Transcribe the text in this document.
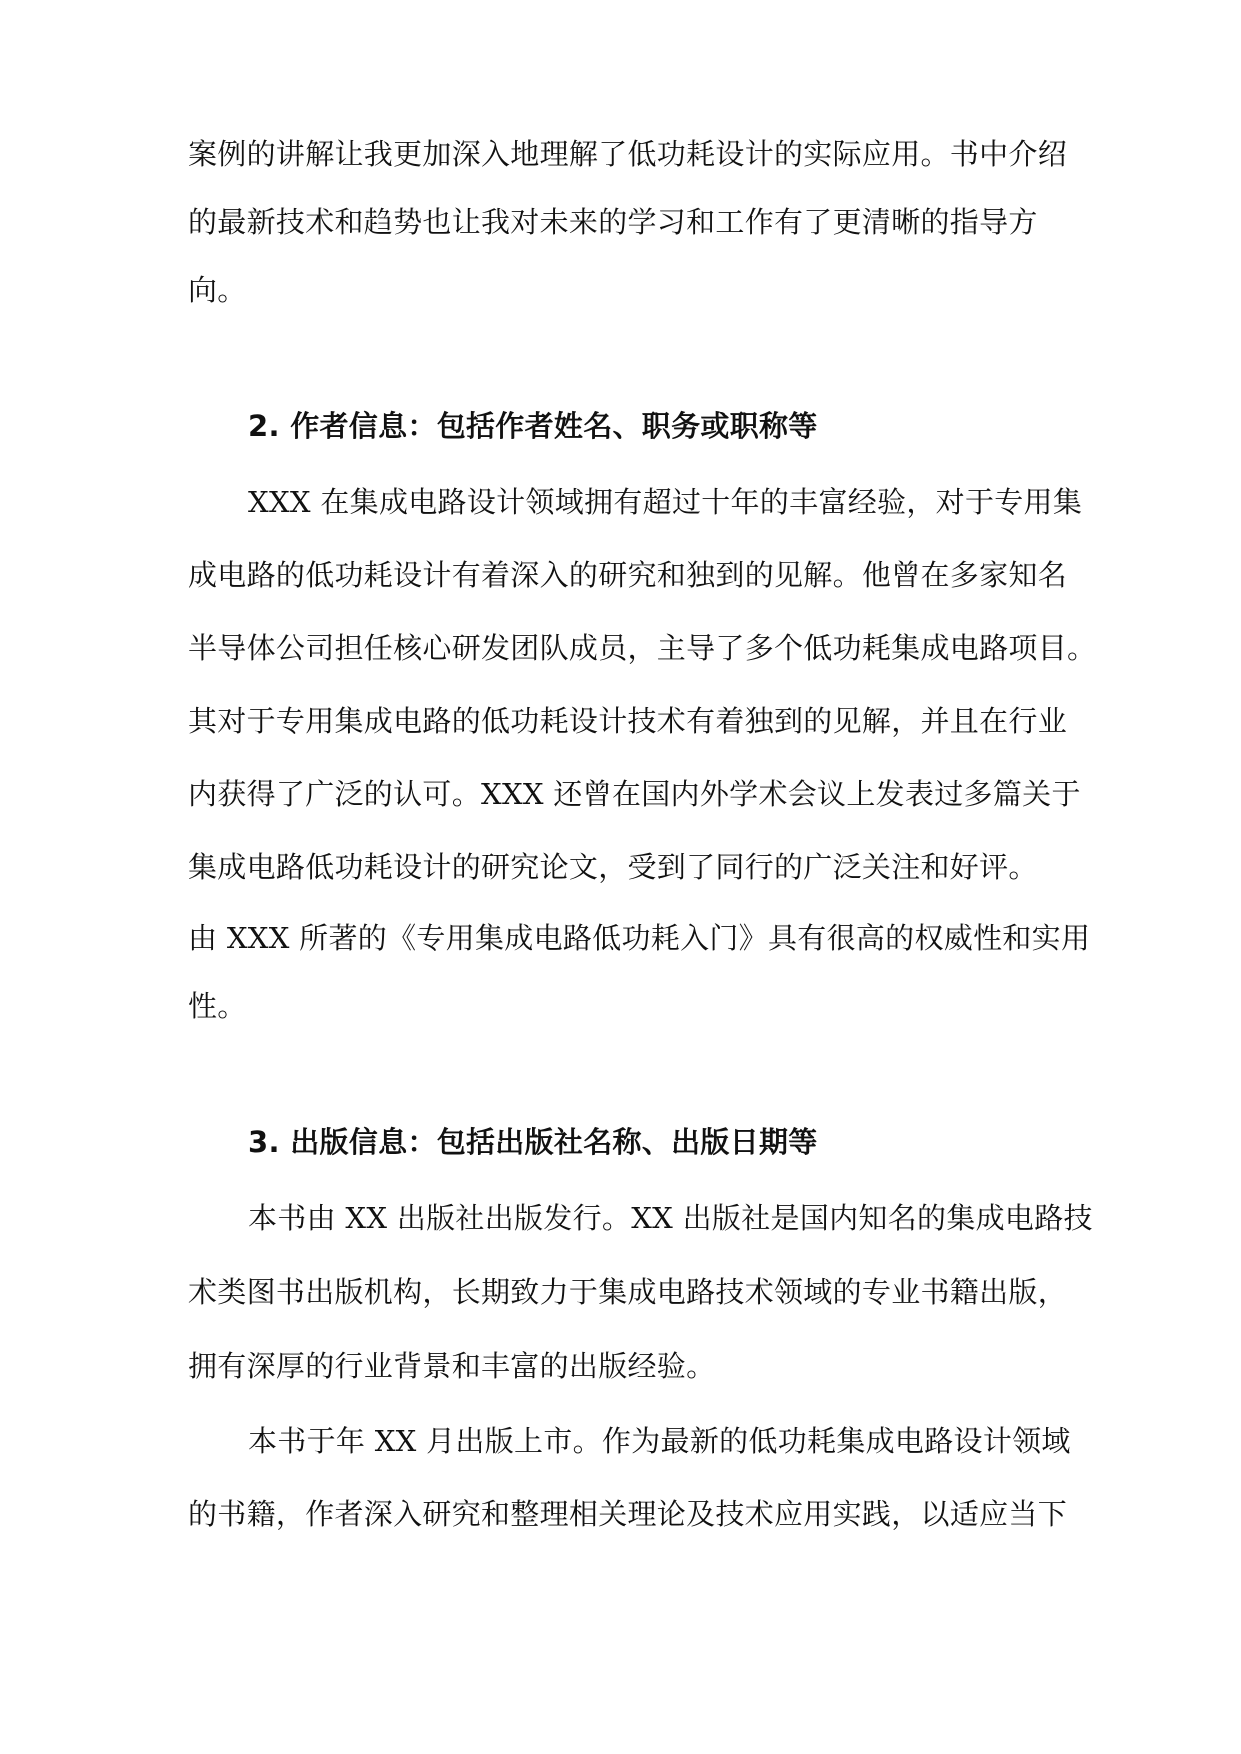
案例的讲解让我更加深入地理解了低功耗设计的实际应用。书中介绍
的最新技术和趋势也让我对未来的学习和工作有了更清晰的指导方
向。
2. 作者信息：包括作者姓名、职务或职称等
XXX 在集成电路设计领域拥有超过十年的丰富经验，对于专用集
成电路的低功耗设计有着深入的研究和独到的见解。他曾在多家知名
半导体公司担任核心研发团队成员，主导了多个低功耗集成电路项目。
其对于专用集成电路的低功耗设计技术有着独到的见解，并且在行业
内获得了广泛的认可。XXX 还曾在国内外学术会议上发表过多篇关于
集成电路低功耗设计的研究论文，受到了同行的广泛关注和好评。
由 XXX 所著的《专用集成电路低功耗入门》具有很高的权威性和实用
性。
3. 出版信息：包括出版社名称、出版日期等
本书由 XX 出版社出版发行。XX 出版社是国内知名的集成电路技
术类图书出版机构，长期致力于集成电路技术领域的专业书籍出版，
拥有深厚的行业背景和丰富的出版经验。
本书于年 XX 月出版上市。作为最新的低功耗集成电路设计领域
的书籍，作者深入研究和整理相关理论及技术应用实践，以适应当下
